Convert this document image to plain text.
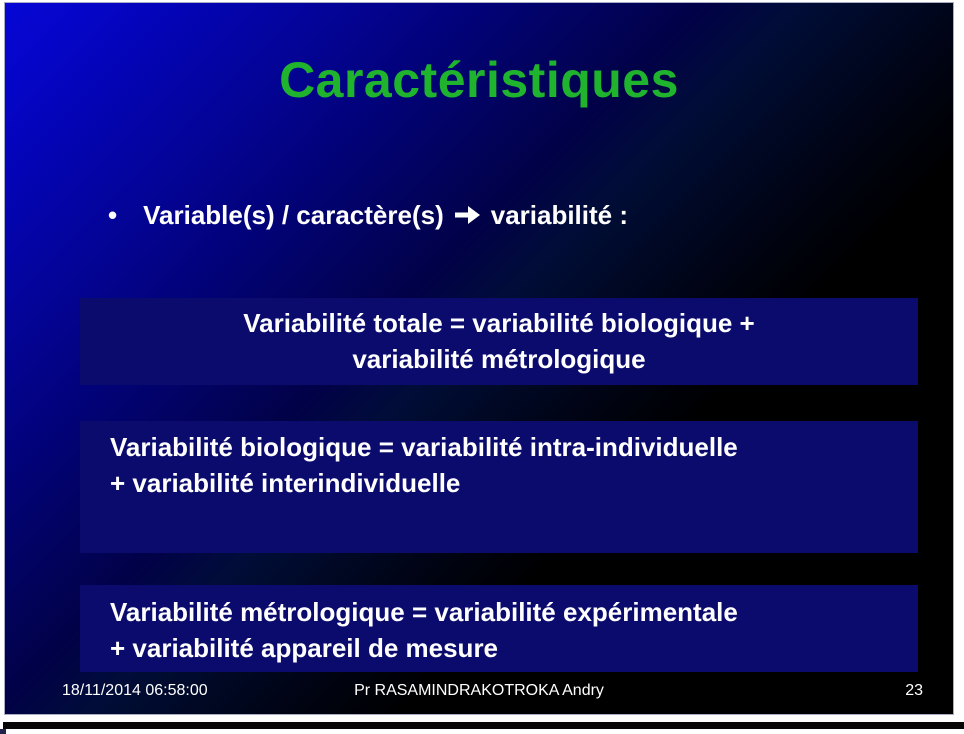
Caractéristiques
• Variable(s) / caractère(s) variabilité :
Variabilité totale = variabilité biologique +
variabilité métrologique
Variabilité biologique = variabilité intra-individuelle
+ variabilité interindividuelle
Variabilité métrologique = variabilité expérimentale
+ variabilité appareil de mesure
18/11/2014 06:58:00	Pr RASAMINDRAKOTROKA Andry	23
